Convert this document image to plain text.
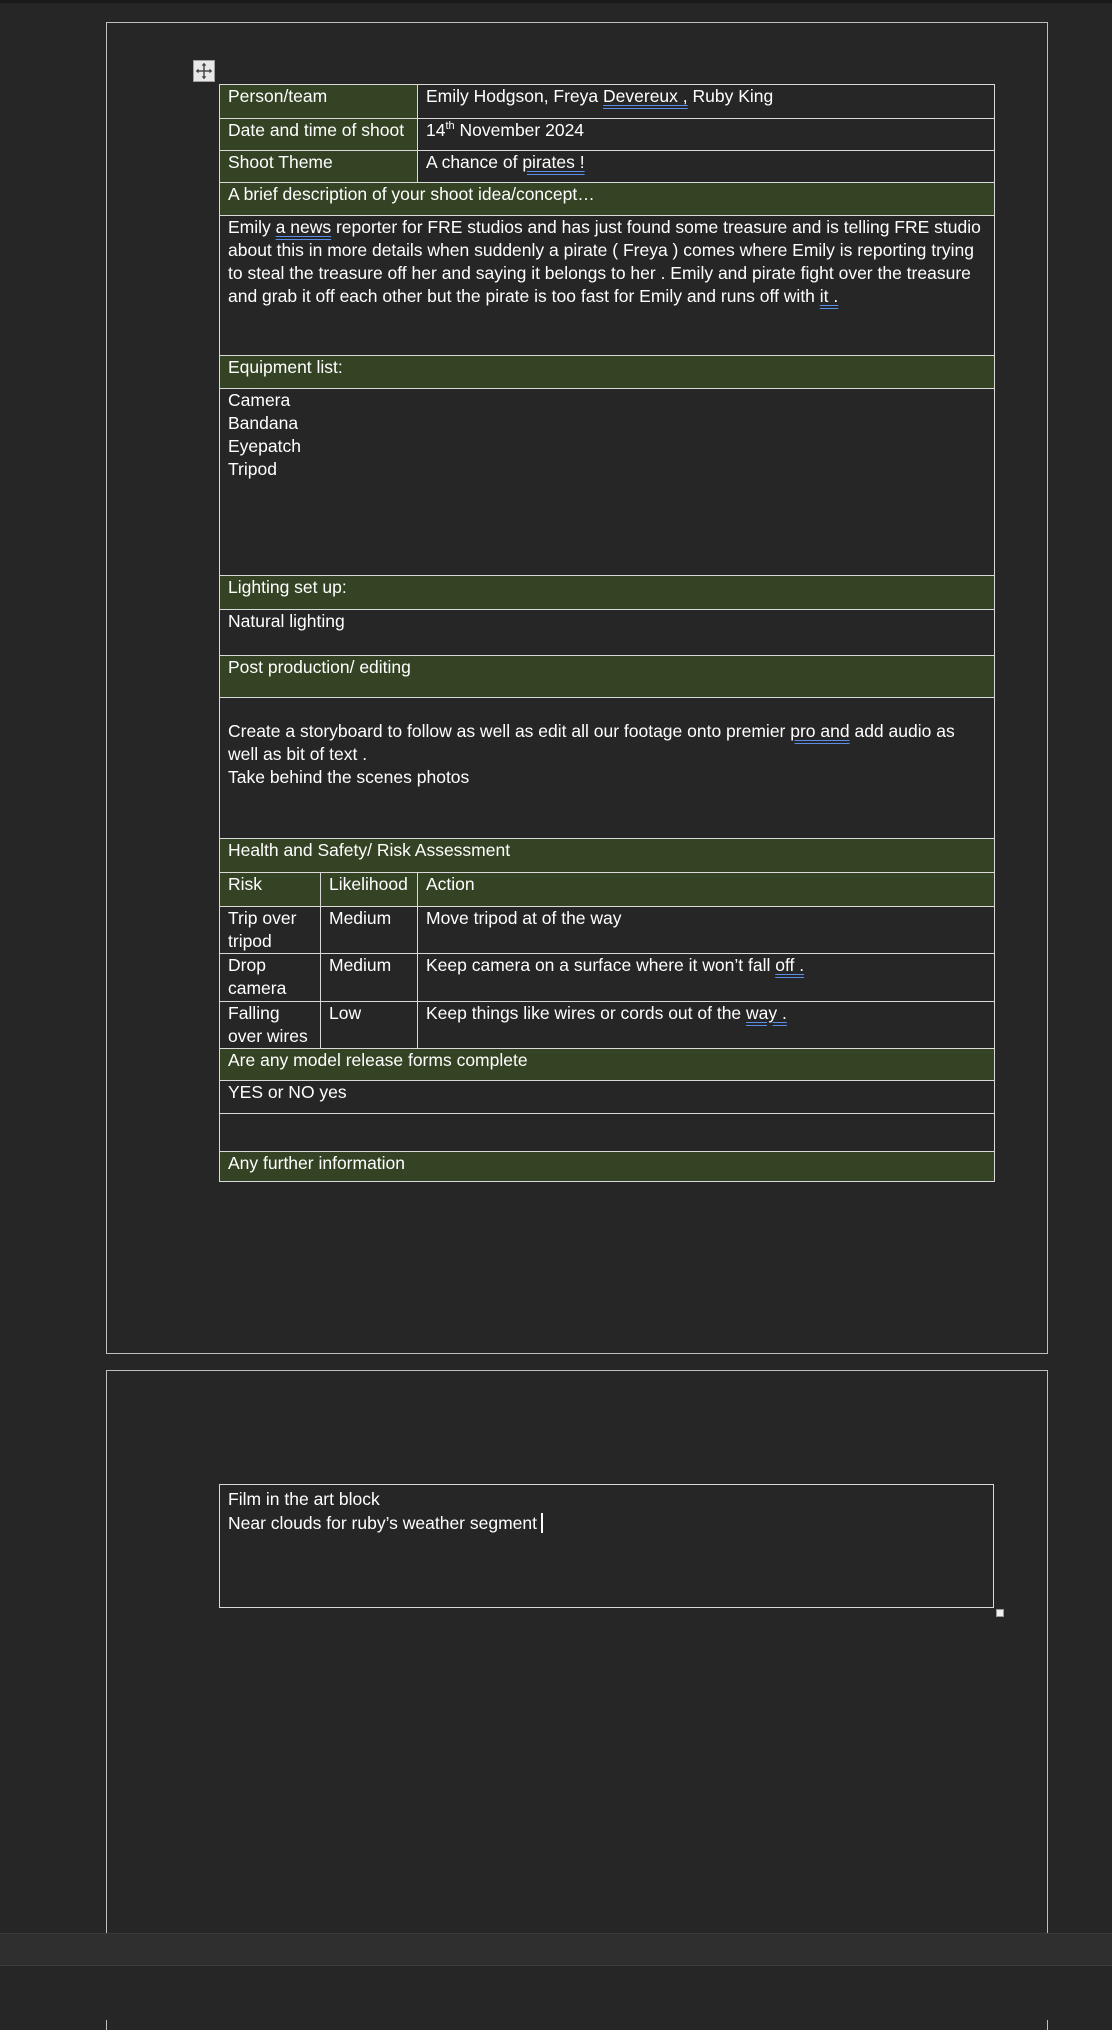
Person/team		Emily Hodgson, Freya Devereux , Ruby King
Date and time of shoot		14th November 2024
Shoot Theme		A chance of pirates !
A brief description of your shoot idea/concept…		
Emily a news reporter for FRE studios and has just found some treasure and is telling FRE studio about this in more details when suddenly a pirate ( Freya ) comes where Emily is reporting trying to steal the treasure off her and saying it belongs to her . Emily and pirate fight over the treasure and grab it off each other but the pirate is too fast for Emily and runs off with it .		
Equipment list:		
Camera
Bandana
Eyepatch
Tripod		
Lighting set up:		
Natural lighting		
Post production/ editing		

Create a storyboard to follow as well as edit all our footage onto premier pro and add audio as well as bit of text .
Take behind the scenes photos		

Health and Safety/ Risk Assessment		
Risk	Likelihood	Action
Trip over tripod	Medium	Move tripod at of the way
Drop camera	Medium	Keep camera on a surface where it won’t fall off .
Falling over wires	Low	Keep things like wires or cords out of the way .
Are any model release forms complete		
YES or NO yes		

Any further information		
Film in the art block
Near clouds for ruby’s weather segment
